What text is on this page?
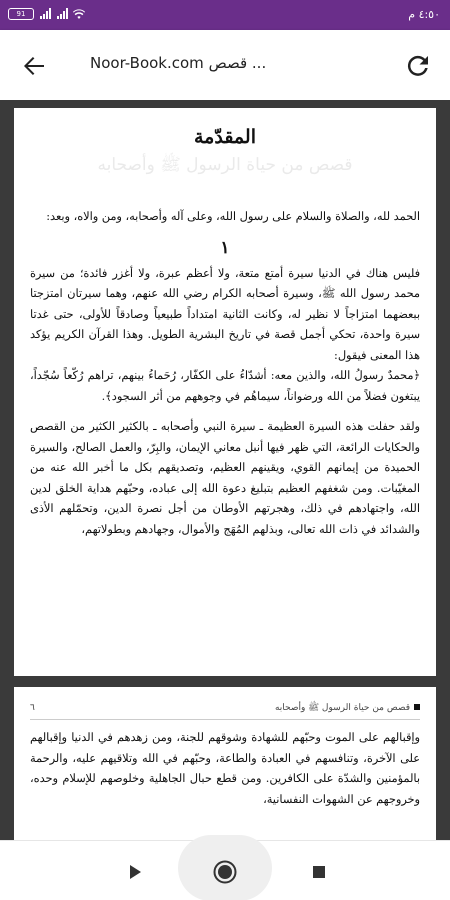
91	٤:٥٠ م
Noor-Book.com قصص ...
المقدّمة
قصص من حياة الرسول ﷺ وأصحابه

الحمد لله، والصلاة والسلام على رسول الله، وعلى آله وأصحابه، ومن والاه، وبعد:

١

فليس هناك في الدنيا سيرة أمتع متعة، ولا أعظم عبرة، ولا أغزر فائدة؛ من سيرة محمد رسول الله ﷺ، وسيرة أصحابه الكرام رضي الله عنهم، وهما سيرتان امتزجتا ببعضهما امتزاجاً لا نظير له، وكانت الثانية امتداداً طبيعياً وصادقاً للأولى، حتى غدتا سيرة واحدة، تحكي أجمل قصة في تاريخ البشرية الطويل. وهذا القرآن الكريم يؤكد هذا المعنى فيقول:

﴿محمدٌ رسولُ الله، والذين معه: أشدّاءُ على الكفّار، رُحَماءُ بينهم، تراهم رُكّعاً سُجّداً، يبتغون فضلاً من الله ورضواناً، سيماهُم في وجوههم من أثر السجود﴾.

ولقد حفلت هذه السيرة العظيمة ـ سيرة النبي وأصحابه ـ بالكثير الكثير من القصص والحكايات الرائعة، التي ظهر فيها أنبل معاني الإيمان، والبِرّ، والعمل الصالح، والسيرة الحميدة من إيمانهم القوي، ويقينهم العظيم، وتصديقهم بكل ما أخبر الله عنه من المغيّبات. ومن شغفهم العظيم بتبليغ دعوة الله إلى عباده، وحبّهم هداية الخلق لدين الله، واجتهادهم في ذلك، وهجرتهم الأوطان من أجل نصرة الدين، وتحمّلهم الأذى والشدائد في ذات الله تعالى، وبذلهم المُهَج والأموال، وجهادهم وبطولاتهم،

قصص من حياة الرسول ﷺ وأصحابه
٦

وإقبالهم على الموت وحبّهم للشهادة وشوقهم للجنة، ومن زهدهم في الدنيا وإقبالهم على الآخرة، وتنافسهم في العبادة والطاعة، وحبّهم في الله وتلاقيهم عليه، والرحمة بالمؤمنين والشدّة على الكافرين. ومن قطع حبال الجاهلية وخلوصهم للإسلام وحده، وخروجهم عن الشهوات النفسانية،
